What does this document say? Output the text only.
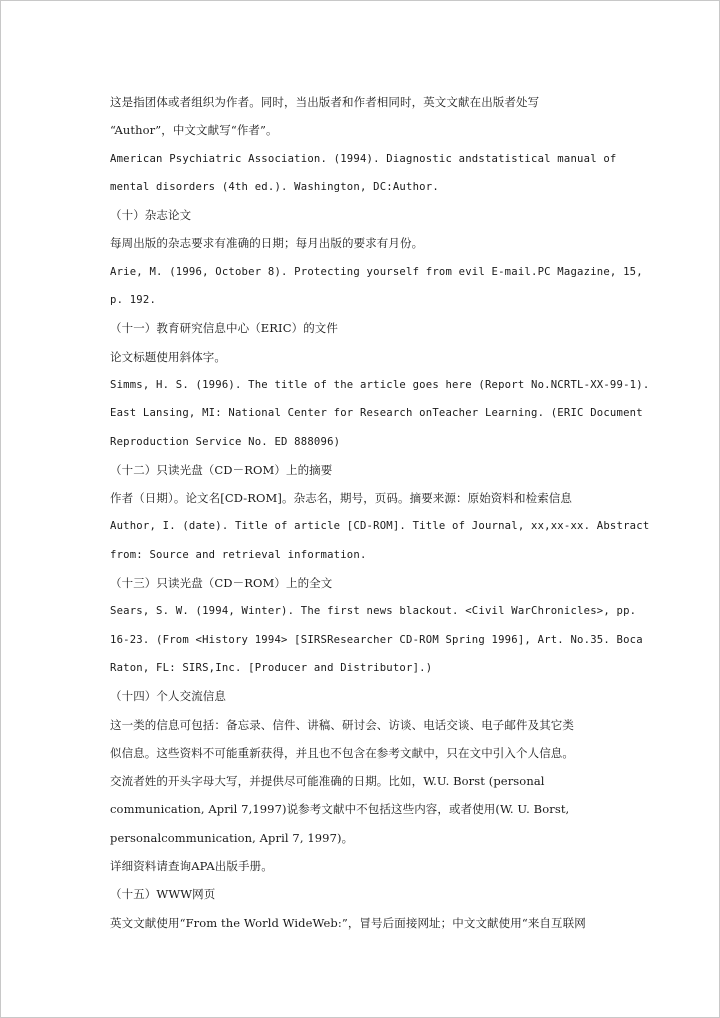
这是指团体或者组织为作者。同时，当出版者和作者相同时，英文文献在出版者处写

“Author”，中文文献写“作者”。

American Psychiatric Association. (1994). Diagnostic andstatistical manual of

mental disorders (4th ed.). Washington, DC:Author.

（十）杂志论文

每周出版的杂志要求有准确的日期；每月出版的要求有月份。

Arie, M. (1996, October 8). Protecting yourself from evil E-mail.PC Magazine, 15,

p. 192.

（十一）教育研究信息中心（ERIC）的文件

论文标题使用斜体字。

Simms, H. S. (1996). The title of the article goes here (Report No.NCRTL-XX-99-1).

East Lansing, MI: National Center for Research onTeacher Learning. (ERIC Document

Reproduction Service No. ED 888096)

（十二）只读光盘（CD－ROM）上的摘要

作者（日期）。论文名[CD-ROM]。杂志名，期号，页码。摘要来源：原始资料和检索信息

Author, I. (date). Title of article [CD-ROM]. Title of Journal, xx,xx-xx. Abstract

from: Source and retrieval information.

（十三）只读光盘（CD－ROM）上的全文

Sears, S. W. (1994, Winter). The first news blackout. <Civil WarChronicles>, pp.

16-23. (From <History 1994> [SIRSResearcher CD-ROM Spring 1996], Art. No.35. Boca

Raton, FL: SIRS,Inc. [Producer and Distributor].)

（十四）个人交流信息

这一类的信息可包括：备忘录、信件、讲稿、研讨会、访谈、电话交谈、电子邮件及其它类

似信息。这些资料不可能重新获得，并且也不包含在参考文献中，只在文中引入个人信息。

交流者姓的开头字母大写，并提供尽可能准确的日期。比如，W.U. Borst (personal

communication, April 7,1997)说参考文献中不包括这些内容，或者使用(W. U. Borst,

personalcommunication, April 7, 1997)。

详细资料请查询APA出版手册。

（十五）WWW网页

英文文献使用“From the World WideWeb:”，冒号后面接网址；中文文献使用“来自互联网
